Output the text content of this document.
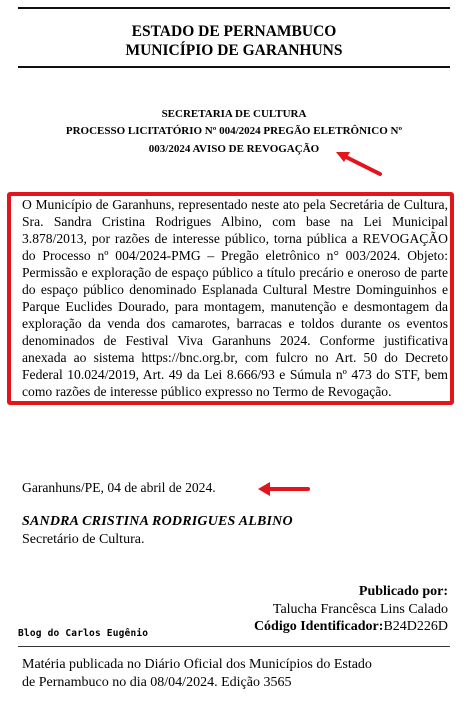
ESTADO DE PERNAMBUCO
MUNICÍPIO DE GARANHUNS
SECRETARIA DE CULTURA
PROCESSO LICITATÓRIO Nº 004/2024 PREGÃO ELETRÔNICO Nº
003/2024 AVISO DE REVOGAÇÃO

O Município de Garanhuns, representado neste ato pela Secretária de Cultura, Sra. Sandra Cristina Rodrigues Albino, com base na Lei Municipal 3.878/2013, por razões de interesse público, torna pública a REVOGAÇÃO do Processo nº 004/2024-PMG – Pregão eletrônico n° 003/2024. Objeto: Permissão e exploração de espaço público a título precário e oneroso de parte do espaço público denominado Esplanada Cultural Mestre Dominguinhos e Parque Euclides Dourado, para montagem, manutenção e desmontagem da exploração da venda dos camarotes, barracas e toldos durante os eventos denominados de Festival Viva Garanhuns 2024. Conforme justificativa anexada ao sistema https://bnc.org.br, com fulcro no Art. 50 do Decreto Federal 10.024/2019, Art. 49 da Lei 8.666/93 e Súmula nº 473 do STF, bem como razões de interesse público expresso no Termo de Revogação.

Garanhuns/PE, 04 de abril de 2024.
SANDRA CRISTINA RODRIGUES ALBINO
Secretário de Cultura.
Publicado por:
Talucha Francêsca Lins Calado
Código Identificador:B24D226D
Blog do Carlos Eugênio
Matéria publicada no Diário Oficial dos Municípios do Estado
de Pernambuco no dia 08/04/2024. Edição 3565
